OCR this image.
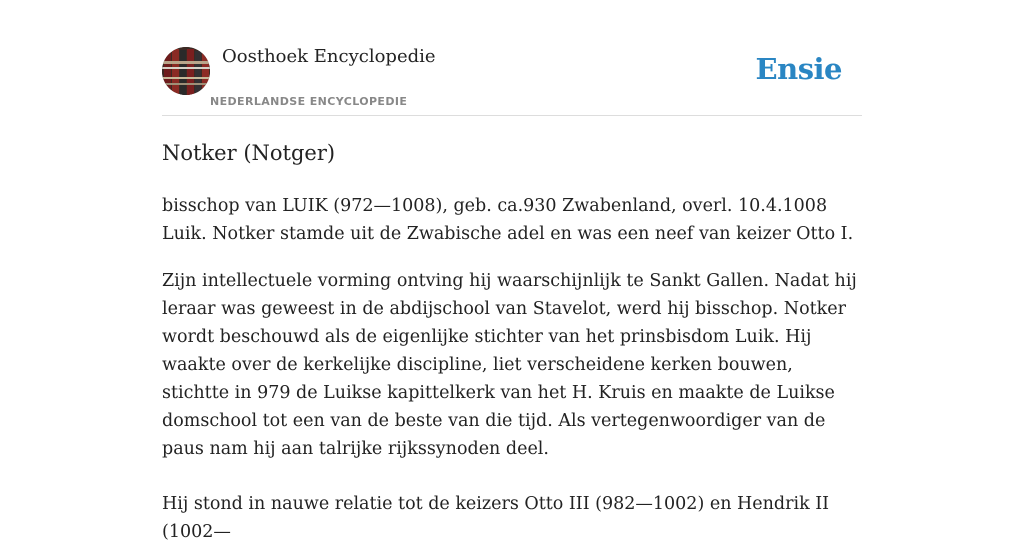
Oosthoek Encyclopedie
NEDERLANDSE ENCYCLOPEDIE
Ensie
Notker (Notger)

bisschop van LUIK (972—1008), geb. ca.930 Zwabenland, overl. 10.4.1008 Luik. Notker stamde uit de Zwabische adel en was een neef van keizer Otto I.

Zijn intellectuele vorming ontving hij waarschijnlijk te Sankt Gallen. Nadat hij leraar was geweest in de abdijschool van Stavelot, werd hij bisschop. Notker wordt beschouwd als de eigenlijke stichter van het prinsbisdom Luik. Hij waakte over de kerkelijke discipline, liet verscheidene kerken bouwen, stichtte in 979 de Luikse kapittelkerk van het H. Kruis en maakte de Luikse domschool tot een van de beste van die tijd. Als vertegenwoordiger van de paus nam hij aan talrijke rijkssynoden deel.

Hij stond in nauwe relatie tot de keizers Otto III (982—1002) en Hendrik II (1002—
